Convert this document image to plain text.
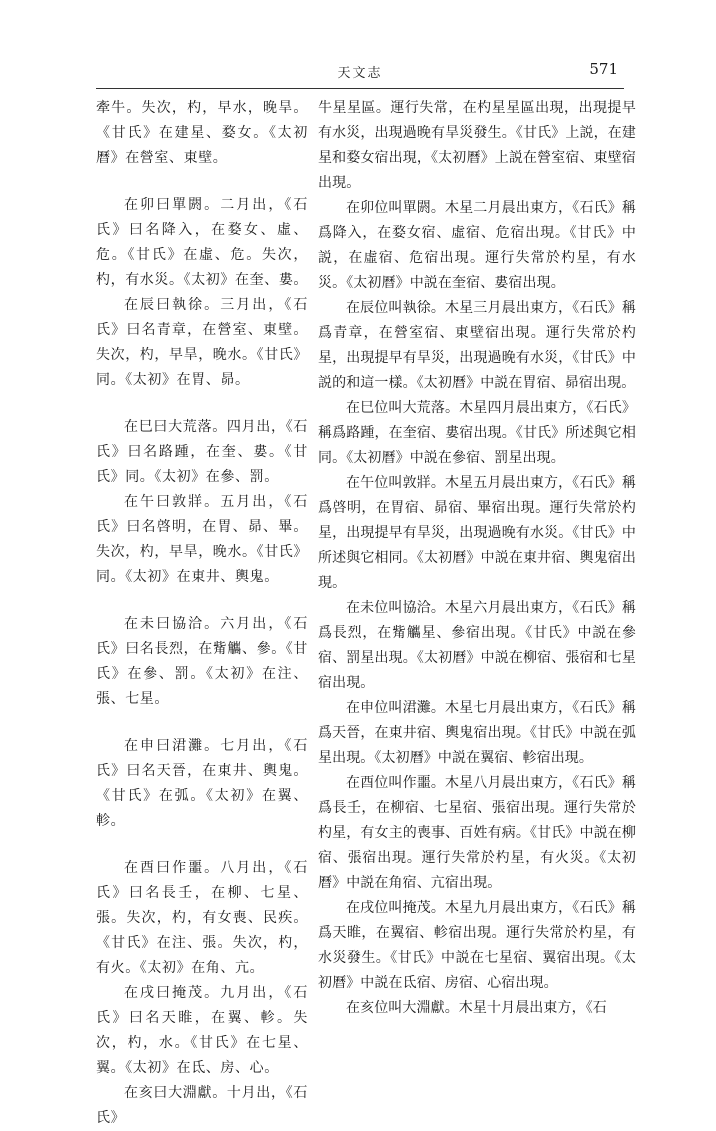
天文志	571

牽牛。失次，杓，早水，晚旱。《甘氏》在建星、婺女。《太初曆》在營室、東壁。

在卯曰單閼。二月出，《石氏》曰名降入，在婺女、虛、危。《甘氏》在虛、危。失次，杓，有水災。《太初》在奎、婁。

在辰曰執徐。三月出，《石氏》曰名青章，在營室、東壁。失次，杓，早旱，晚水。《甘氏》同。《太初》在胃、昴。

在巳曰大荒落。四月出，《石氏》曰名路踵，在奎、婁。《甘氏》同。《太初》在參、罰。

在午曰敦牂。五月出，《石氏》曰名啓明，在胃、昴、畢。失次，杓，早旱，晚水。《甘氏》同。《太初》在東井、輿鬼。

在未曰協洽。六月出，《石氏》曰名長烈，在觜觿、參。《甘氏》在參、罰。《太初》在注、張、七星。

在申曰涒灘。七月出，《石氏》曰名天晉，在東井、輿鬼。《甘氏》在弧。《太初》在翼、軫。

在酉曰作噩。八月出，《石氏》曰名長壬，在柳、七星、張。失次，杓，有女喪、民疾。《甘氏》在注、張。失次，杓，有火。《太初》在角、亢。

在戌曰掩茂。九月出，《石氏》曰名天睢，在翼、軫。失次，杓，水。《甘氏》在七星、翼。《太初》在氐、房、心。

在亥曰大淵獻。十月出，《石氏》

牛星星區。運行失常，在杓星星區出現，出現提早有水災，出現過晚有旱災發生。《甘氏》上説，在建星和婺女宿出現，《太初曆》上説在營室宿、東壁宿出現。

在卯位叫單閼。木星二月晨出東方，《石氏》稱爲降入，在婺女宿、虛宿、危宿出現。《甘氏》中説，在虛宿、危宿出現。運行失常於杓星，有水災。《太初曆》中説在奎宿、婁宿出現。

在辰位叫執徐。木星三月晨出東方，《石氏》稱爲青章，在營室宿、東壁宿出現。運行失常於杓星，出現提早有旱災，出現過晚有水災，《甘氏》中説的和這一樣。《太初曆》中説在胃宿、昴宿出現。

在巳位叫大荒落。木星四月晨出東方，《石氏》稱爲路踵，在奎宿、婁宿出現。《甘氏》所述與它相同。《太初曆》中説在參宿、罰星出現。

在午位叫敦牂。木星五月晨出東方，《石氏》稱爲啓明，在胃宿、昴宿、畢宿出現。運行失常於杓星，出現提早有旱災，出現過晚有水災。《甘氏》中所述與它相同。《太初曆》中説在東井宿、輿鬼宿出現。

在未位叫協洽。木星六月晨出東方，《石氏》稱爲長烈，在觜觿星、參宿出現。《甘氏》中説在參宿、罰星出現。《太初曆》中説在柳宿、張宿和七星宿出現。

在申位叫涒灘。木星七月晨出東方，《石氏》稱爲天晉，在東井宿、輿鬼宿出現。《甘氏》中説在弧星出現。《太初曆》中説在翼宿、軫宿出現。

在酉位叫作噩。木星八月晨出東方，《石氏》稱爲長壬，在柳宿、七星宿、張宿出現。運行失常於杓星，有女主的喪事、百姓有病。《甘氏》中説在柳宿、張宿出現。運行失常於杓星，有火災。《太初曆》中説在角宿、亢宿出現。

在戌位叫掩茂。木星九月晨出東方，《石氏》稱爲天睢，在翼宿、軫宿出現。運行失常於杓星，有水災發生。《甘氏》中説在七星宿、翼宿出現。《太初曆》中説在氐宿、房宿、心宿出現。

在亥位叫大淵獻。木星十月晨出東方，《石
